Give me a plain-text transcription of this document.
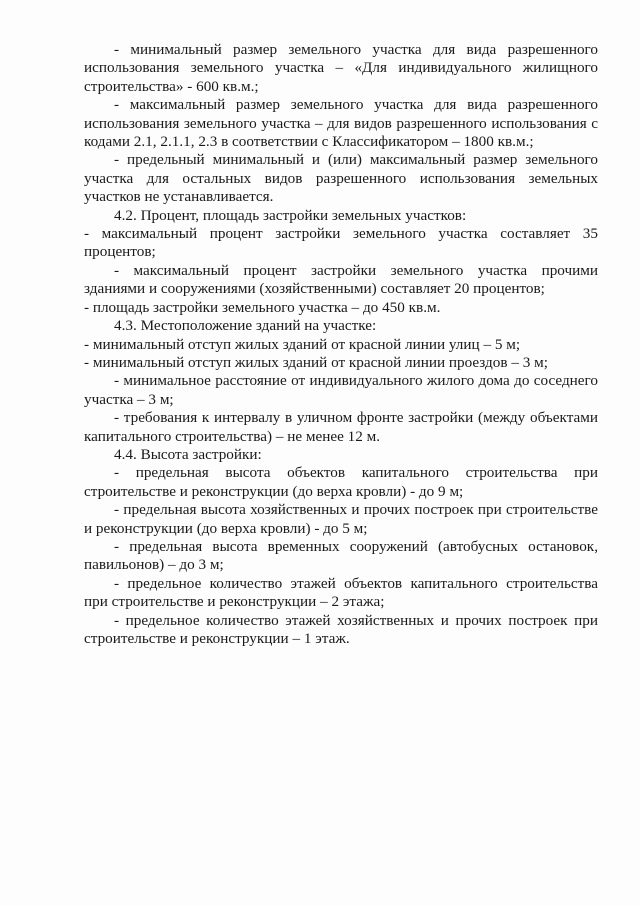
- минимальный размер земельного участка для вида разрешенного использования земельного участка – «Для индивидуального жилищного строительства» - 600 кв.м.;

- максимальный размер земельного участка для вида разрешенного использования земельного участка – для видов разрешенного использования с кодами 2.1, 2.1.1, 2.3 в соответствии с Классификатором – 1800 кв.м.;

- предельный минимальный и (или) максимальный размер земельного участка для остальных видов разрешенного использования земельных участков не устанавливается.

4.2. Процент, площадь застройки земельных участков:

- максимальный процент застройки земельного участка составляет 35 процентов;

- максимальный процент застройки земельного участка прочими зданиями и сооружениями (хозяйственными) составляет 20 процентов;

- площадь застройки земельного участка – до 450 кв.м.

4.3. Местоположение зданий на участке:

- минимальный отступ жилых зданий от красной линии улиц – 5 м;

- минимальный отступ жилых зданий от красной линии проездов – 3 м;

- минимальное расстояние от индивидуального жилого дома до соседнего участка – 3 м;

- требования к интервалу в уличном фронте застройки (между объектами капитального строительства) – не менее 12 м.

4.4. Высота застройки:

- предельная высота объектов капитального строительства при строительстве и реконструкции (до верха кровли) - до 9 м;

- предельная высота хозяйственных и прочих построек при строительстве и реконструкции (до верха кровли) - до 5 м;

- предельная высота временных сооружений (автобусных остановок, павильонов) – до 3 м;

- предельное количество этажей объектов капитального строительства при строительстве и реконструкции – 2 этажа;

- предельное количество этажей хозяйственных и прочих построек при строительстве и реконструкции – 1 этаж.
